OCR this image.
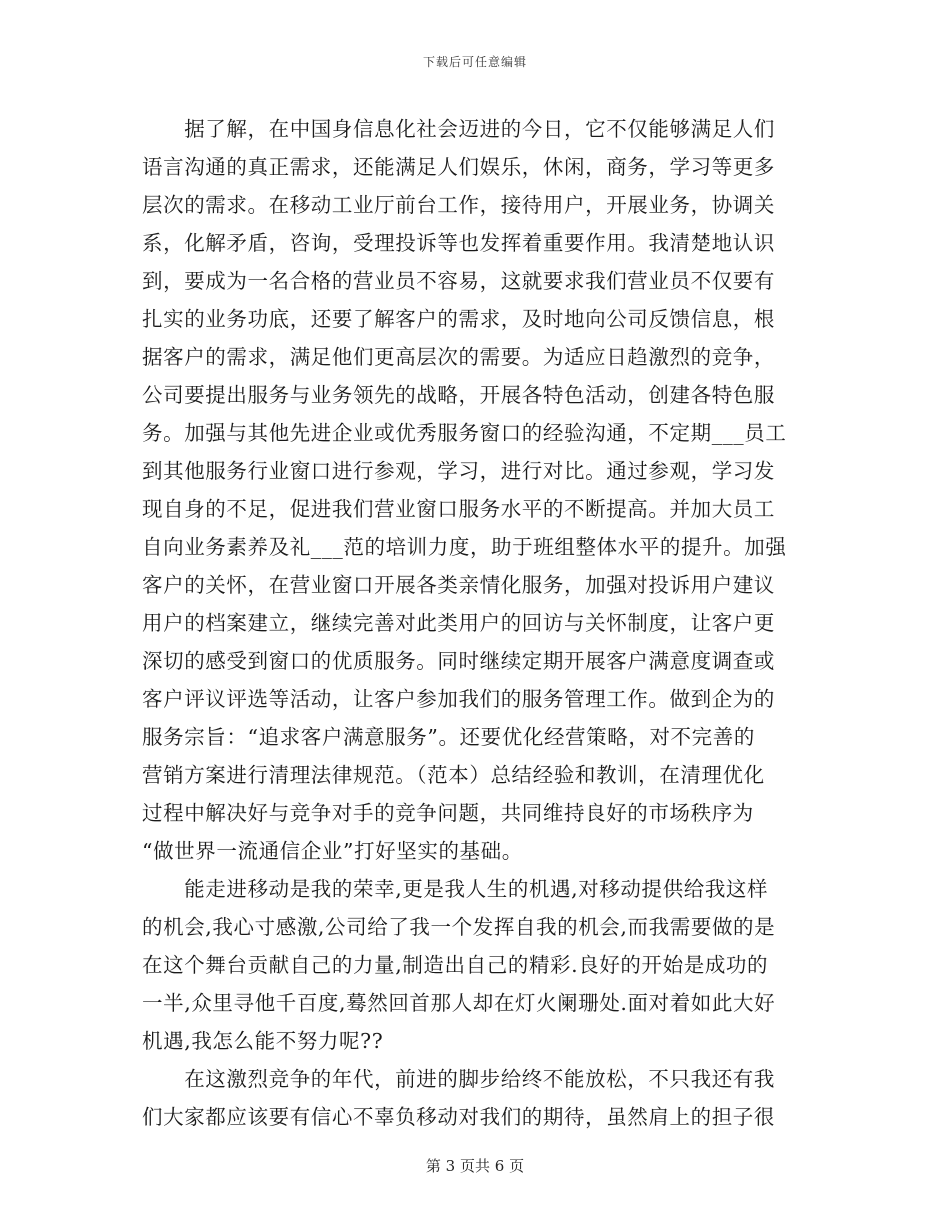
下载后可任意编辑
　　据了解，在中国身信息化社会迈进的今日，它不仅能够满足人们
语言沟通的真正需求，还能满足人们娱乐，休闲，商务，学习等更多
层次的需求。在移动工业厅前台工作，接待用户，开展业务，协调关
系，化解矛盾，咨询，受理投诉等也发挥着重要作用。我清楚地认识
到，要成为一名合格的营业员不容易，这就要求我们营业员不仅要有
扎实的业务功底，还要了解客户的需求，及时地向公司反馈信息，根
据客户的需求，满足他们更高层次的需要。为适应日趋激烈的竞争，
公司要提出服务与业务领先的战略，开展各特色活动，创建各特色服
务。加强与其他先进企业或优秀服务窗口的经验沟通，不定期___员工
到其他服务行业窗口进行参观，学习，进行对比。通过参观，学习发
现自身的不足，促进我们营业窗口服务水平的不断提高。并加大员工
自向业务素养及礼___范的培训力度，助于班组整体水平的提升。加强
客户的关怀，在营业窗口开展各类亲情化服务，加强对投诉用户建议
用户的档案建立，继续完善对此类用户的回访与关怀制度，让客户更
深切的感受到窗口的优质服务。同时继续定期开展客户满意度调查或
客户评议评选等活动，让客户参加我们的服务管理工作。做到企为的
服务宗旨：“追求客户满意服务”。还要优化经营策略，对不完善的
营销方案进行清理法律规范。（范本）总结经验和教训，在清理优化
过程中解决好与竞争对手的竞争问题，共同维持良好的市场秩序为
“做世界一流通信企业”打好坚实的基础。
　　能走进移动是我的荣幸,更是我人生的机遇,对移动提供给我这样
的机会,我心寸感激,公司给了我一个发挥自我的机会,而我需要做的是
在这个舞台贡献自己的力量,制造出自己的精彩.良好的开始是成功的
一半,众里寻他千百度,蓦然回首那人却在灯火阑珊处.面对着如此大好
机遇,我怎么能不努力呢??
　　在这激烈竞争的年代，前进的脚步给终不能放松，不只我还有我
们大家都应该要有信心不辜负移动对我们的期待，虽然肩上的担子很
第 3 页共 6 页
